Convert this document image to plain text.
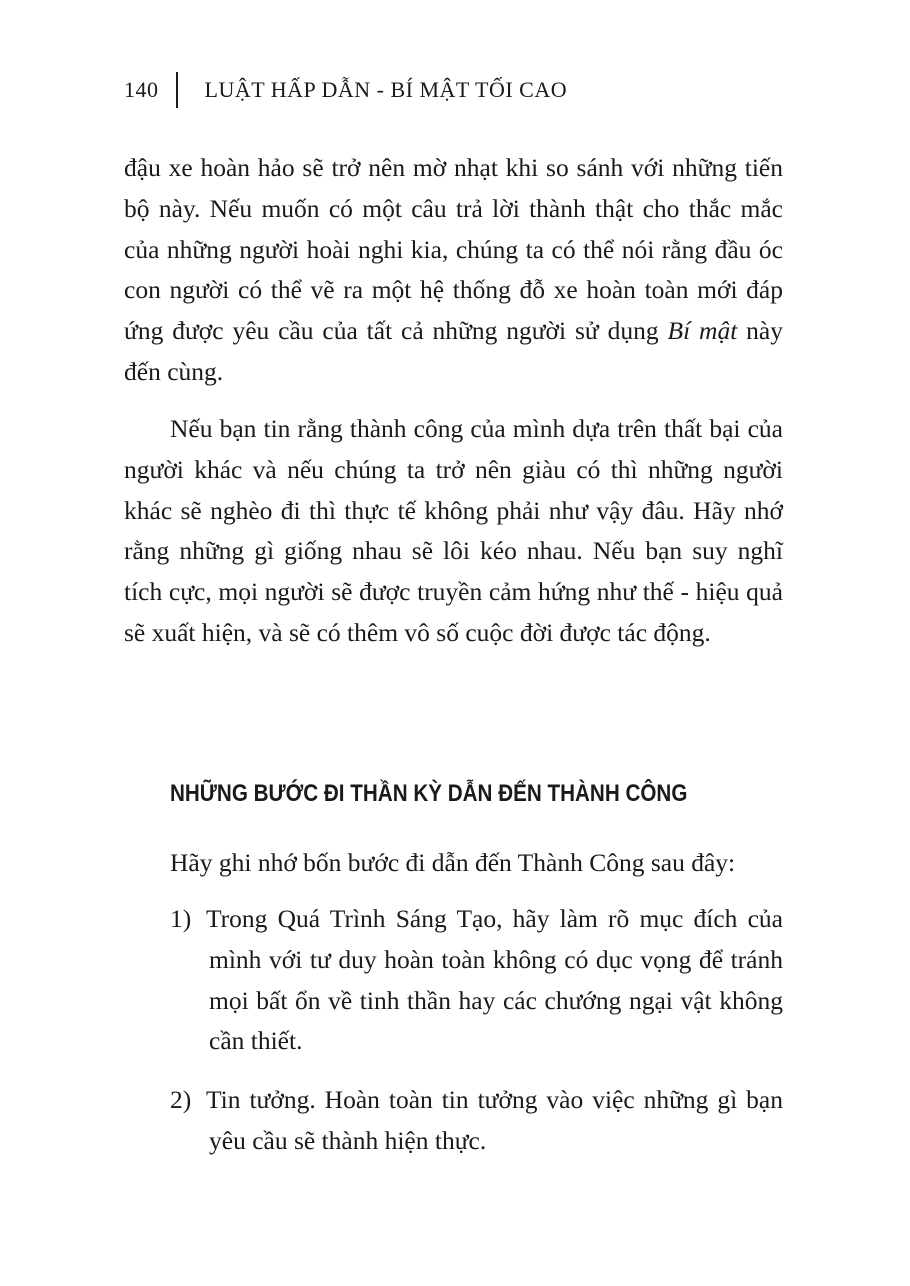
140 LUẬT HẤP DẪN - BÍ MẬT TỐI CAO

đậu xe hoàn hảo sẽ trở nên mờ nhạt khi so sánh với những tiến bộ này. Nếu muốn có một câu trả lời thành thật cho thắc mắc của những người hoài nghi kia, chúng ta có thể nói rằng đầu óc con người có thể vẽ ra một hệ thống đỗ xe hoàn toàn mới đáp ứng được yêu cầu của tất cả những người sử dụng Bí mật này đến cùng.

Nếu bạn tin rằng thành công của mình dựa trên thất bại của người khác và nếu chúng ta trở nên giàu có thì những người khác sẽ nghèo đi thì thực tế không phải như vậy đâu. Hãy nhớ rằng những gì giống nhau sẽ lôi kéo nhau. Nếu bạn suy nghĩ tích cực, mọi người sẽ được truyền cảm hứng như thế - hiệu quả sẽ xuất hiện, và sẽ có thêm vô số cuộc đời được tác động.

NHỮNG BƯỚC ĐI THẦN KỲ DẪN ĐẾN THÀNH CÔNG
Hãy ghi nhớ bốn bước đi dẫn đến Thành Công sau đây:

1) Trong Quá Trình Sáng Tạo, hãy làm rõ mục đích của mình với tư duy hoàn toàn không có dục vọng để tránh mọi bất ổn về tinh thần hay các chướng ngại vật không cần thiết.

2) Tin tưởng. Hoàn toàn tin tưởng vào việc những gì bạn yêu cầu sẽ thành hiện thực.
